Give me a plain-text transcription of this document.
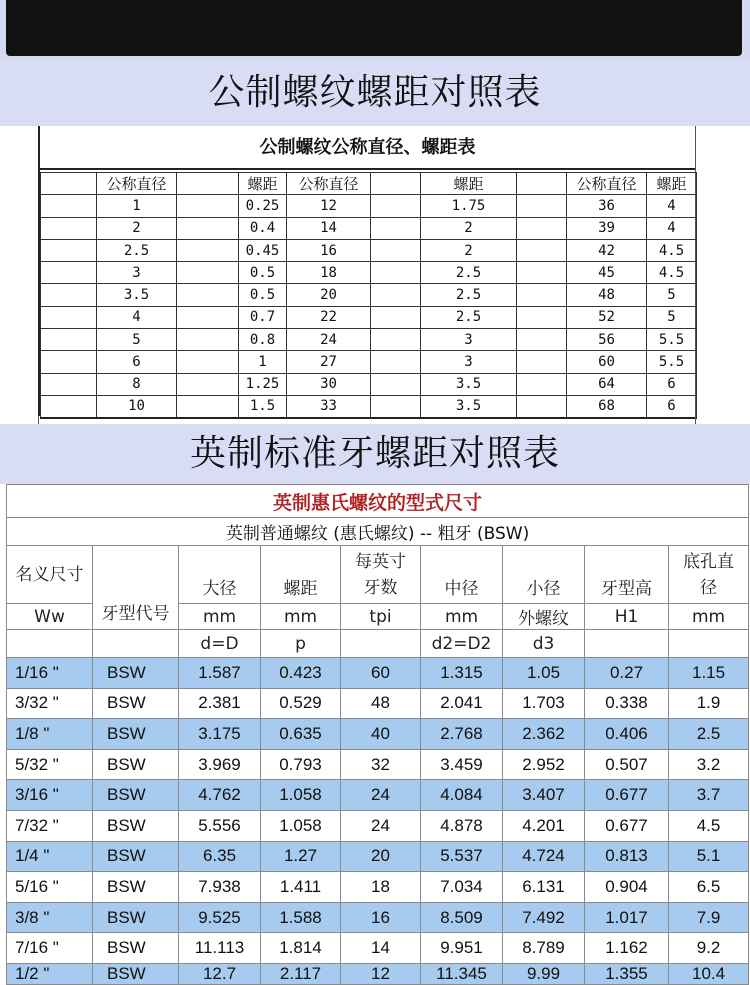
公制螺纹螺距对照表
公制螺纹公称直径、螺距表
	公称直径		螺距	公称直径		螺距		公称直径	螺距
	1		0.25	12		1.75		36	4
	2		0.4	14		2		39	4
	2.5		0.45	16		2		42	4.5
	3		0.5	18		2.5		45	4.5
	3.5		0.5	20		2.5		48	5
	4		0.7	22		2.5		52	5
	5		0.8	24		3		56	5.5
	6		1	27		3		60	5.5
	8		1.25	30		3.5		64	6
	10		1.5	33		3.5		68	6
英制标准牙螺距对照表
英制惠氏螺纹的型式尺寸								
英制普通螺纹 (惠氏螺纹) -- 粗牙 (BSW)								
名义尺寸	牙型代号	大径	螺距	每英寸牙数	中径	小径	牙型高	底孔直径
Ww		mm	mm	tpi	mm	外螺纹	H1	mm
		d=D	p		d2=D2	d3		
1/16 "	BSW	1.587	0.423	60	1.315	1.05	0.27	1.15
3/32 "	BSW	2.381	0.529	48	2.041	1.703	0.338	1.9
1/8 "	BSW	3.175	0.635	40	2.768	2.362	0.406	2.5
5/32 "	BSW	3.969	0.793	32	3.459	2.952	0.507	3.2
3/16 "	BSW	4.762	1.058	24	4.084	3.407	0.677	3.7
7/32 "	BSW	5.556	1.058	24	4.878	4.201	0.677	4.5
1/4 "	BSW	6.35	1.27	20	5.537	4.724	0.813	5.1
5/16 "	BSW	7.938	1.411	18	7.034	6.131	0.904	6.5
3/8 "	BSW	9.525	1.588	16	8.509	7.492	1.017	7.9
7/16 "	BSW	11.113	1.814	14	9.951	8.789	1.162	9.2
1/2 "	BSW	12.7	2.117	12	11.345	9.99	1.355	10.4
